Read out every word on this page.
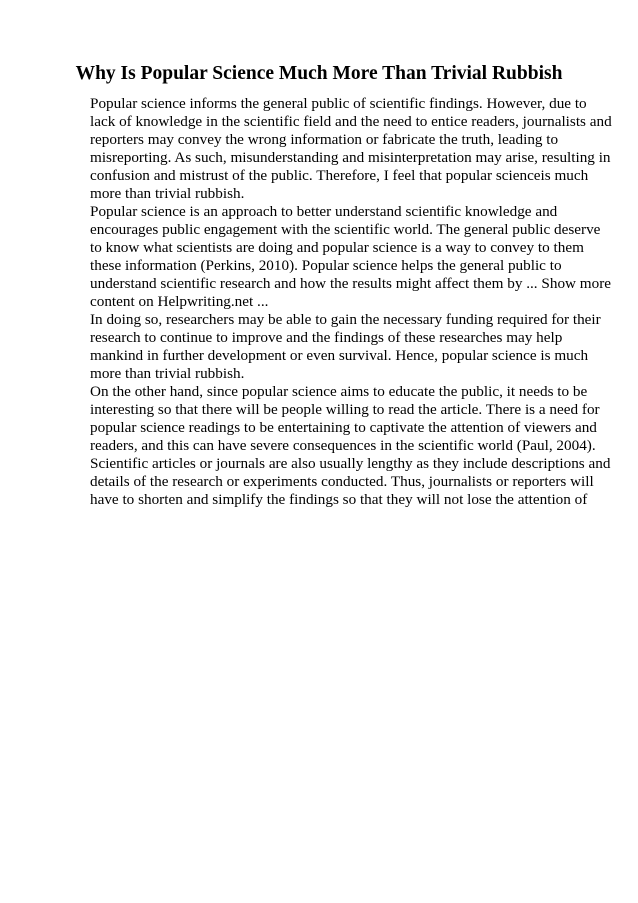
Why Is Popular Science Much More Than Trivial Rubbish

Popular science informs the general public of scientific findings. However, due to
lack of knowledge in the scientific field and the need to entice readers, journalists and
reporters may convey the wrong information or fabricate the truth, leading to
misreporting. As such, misunderstanding and misinterpretation may arise, resulting in
confusion and mistrust of the public. Therefore, I feel that popular scienceis much
more than trivial rubbish.

Popular science is an approach to better understand scientific knowledge and
encourages public engagement with the scientific world. The general public deserve
to know what scientists are doing and popular science is a way to convey to them
these information (Perkins, 2010). Popular science helps the general public to
understand scientific research and how the results might affect them by ... Show more
content on Helpwriting.net ...

In doing so, researchers may be able to gain the necessary funding required for their
research to continue to improve and the findings of these researches may help
mankind in further development or even survival. Hence, popular science is much
more than trivial rubbish.

On the other hand, since popular science aims to educate the public, it needs to be
interesting so that there will be people willing to read the article. There is a need for
popular science readings to be entertaining to captivate the attention of viewers and
readers, and this can have severe consequences in the scientific world (Paul, 2004).
Scientific articles or journals are also usually lengthy as they include descriptions and
details of the research or experiments conducted. Thus, journalists or reporters will
have to shorten and simplify the findings so that they will not lose the attention of
